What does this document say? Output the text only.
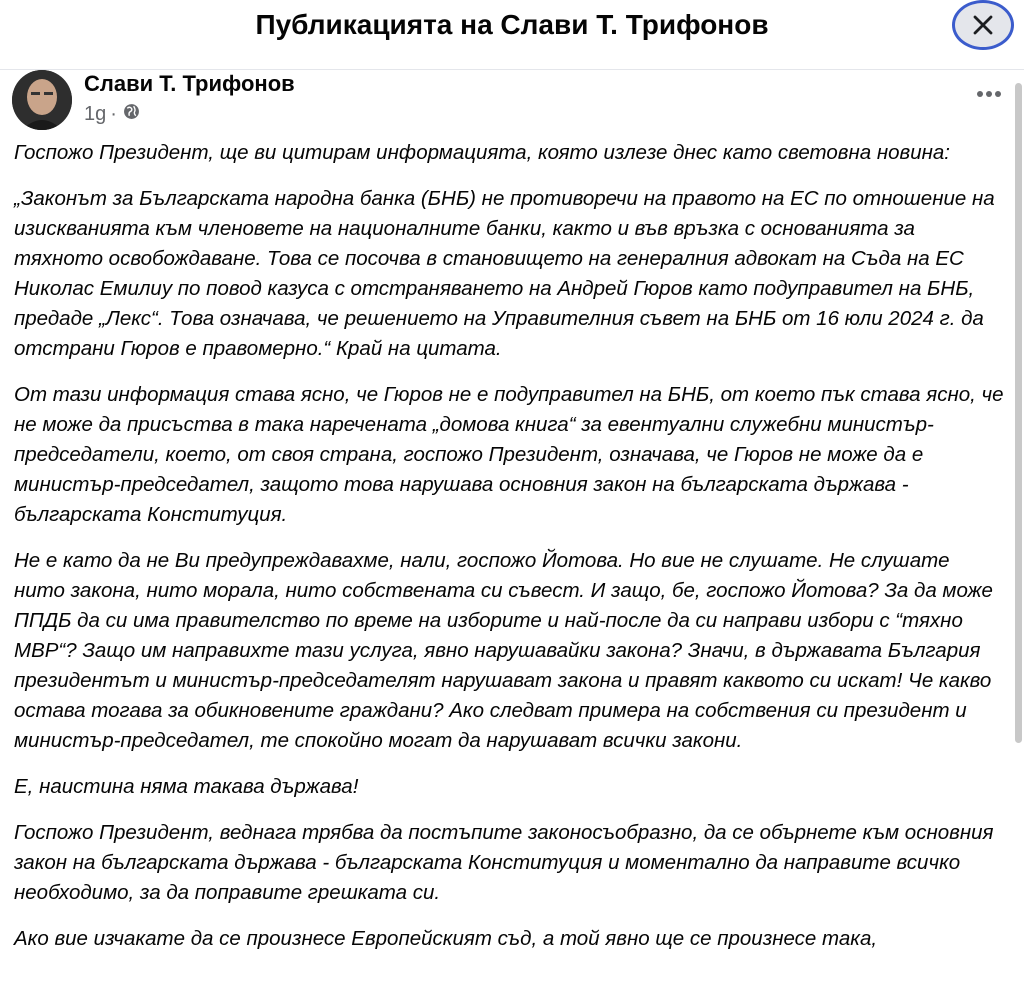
Публикацията на Слави Т. Трифонов
Слави Т. Трифонов
1g ·

Госпожо Президент, ще ви цитирам информацията, която излезе днес като световна новина:

„Законът за Българската народна банка (БНБ) не противоречи на правото на ЕС по отношение на изискванията към членовете на националните банки, както и във връзка с основанията за тяхното освобождаване. Това се посочва в становището на генералния адвокат на Съда на ЕС Николас Емилиу по повод казуса с отстраняването на Андрей Гюров като подуправител на БНБ, предаде „Лекс“. Това означава, че решението на Управителния съвет на БНБ от 16 юли 2024 г. да отстрани Гюров е правомерно.“ Край на цитата.

От тази информация става ясно, че Гюров не е подуправител на БНБ, от което пък става ясно, че не може да присъства в така наречената „домова книга“ за евентуални служебни министър-председатели, което, от своя страна, госпожо Президент, означава, че Гюров не може да е министър-председател, защото това нарушава основния закон на българската държава - българската Конституция.

Не е като да не Ви предупреждавахме, нали, госпожо Йотова. Но вие не слушате. Не слушате нито закона, нито морала, нито собствената си съвест. И защо, бе, госпожо Йотова? За да може ППДБ да си има правителство по време на изборите и най-после да си направи избори с “тяхно МВР“? Защо им направихте тази услуга, явно нарушавайки закона? Значи, в държавата България президентът и министър-председателят нарушават закона и правят каквото си искат! Че какво остава тогава за обикновените граждани? Ако следват примера на собствения си президент и министър-председател, те спокойно могат да нарушават всички закони.

Е, наистина няма такава държава!

Госпожо Президент, веднага трябва да постъпите законосъобразно, да се обърнете към основния закон на българската държава - българската Конституция и моментално да направите всичко необходимо, за да поправите грешката си.

Ако вие изчакате да се произнесе Европейският съд, а той явно ще се произнесе така,
